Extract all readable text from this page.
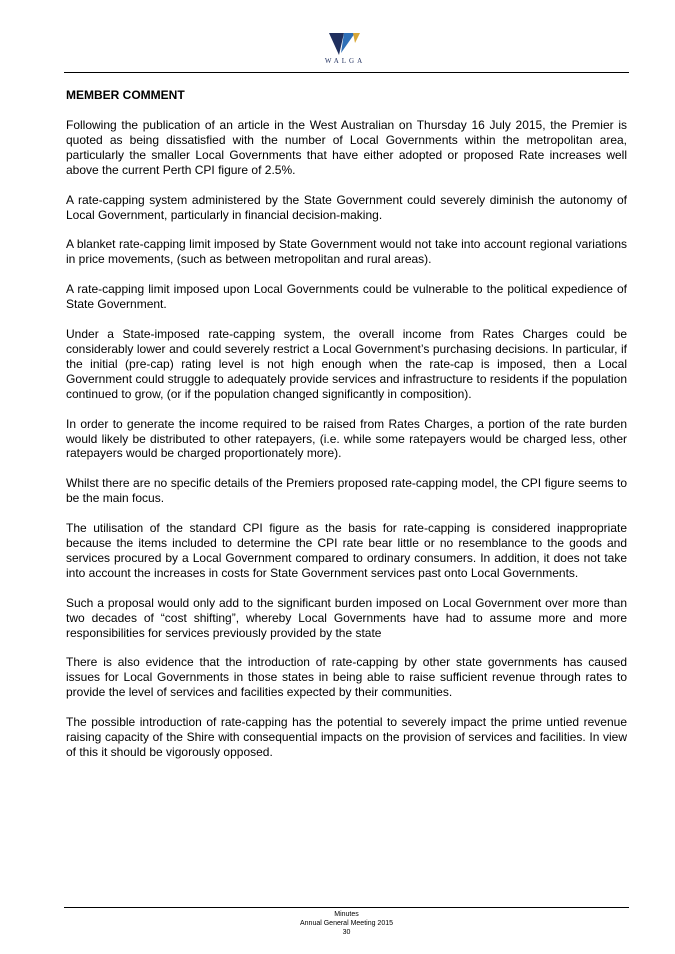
WALGA
MEMBER COMMENT

Following the publication of an article in the West Australian on Thursday 16 July 2015, the Premier is quoted as being dissatisfied with the number of Local Governments within the metropolitan area, particularly the smaller Local Governments that have either adopted or proposed Rate increases well above the current Perth CPI figure of 2.5%.

A rate-capping system administered by the State Government could severely diminish the autonomy of Local Government, particularly in financial decision-making.

A blanket rate-capping limit imposed by State Government would not take into account regional variations in price movements, (such as between metropolitan and rural areas).

A rate-capping limit imposed upon Local Governments could be vulnerable to the political expedience of State Government.

Under a State-imposed rate-capping system, the overall income from Rates Charges could be considerably lower and could severely restrict a Local Government’s purchasing decisions. In particular, if the initial (pre-cap) rating level is not high enough when the rate-cap is imposed, then a Local Government could struggle to adequately provide services and infrastructure to residents if the population continued to grow, (or if the population changed significantly in composition).

In order to generate the income required to be raised from Rates Charges, a portion of the rate burden would likely be distributed to other ratepayers, (i.e. while some ratepayers would be charged less, other ratepayers would be charged proportionately more).

Whilst there are no specific details of the Premiers proposed rate-capping model, the CPI figure seems to be the main focus.

The utilisation of the standard CPI figure as the basis for rate-capping is considered inappropriate because the items included to determine the CPI rate bear little or no resemblance to the goods and services procured by a Local Government compared to ordinary consumers. In addition, it does not take into account the increases in costs for State Government services past onto Local Governments.

Such a proposal would only add to the significant burden imposed on Local Government over more than two decades of “cost shifting”, whereby Local Governments have had to assume more and more responsibilities for services previously provided by the state

There is also evidence that the introduction of rate-capping by other state governments has caused issues for Local Governments in those states in being able to raise sufficient revenue through rates to provide the level of services and facilities expected by their communities.

The possible introduction of rate-capping has the potential to severely impact the prime untied revenue raising capacity of the Shire with consequential impacts on the provision of services and facilities. In view of this it should be vigorously opposed.

Minutes
Annual General Meeting 2015
30
